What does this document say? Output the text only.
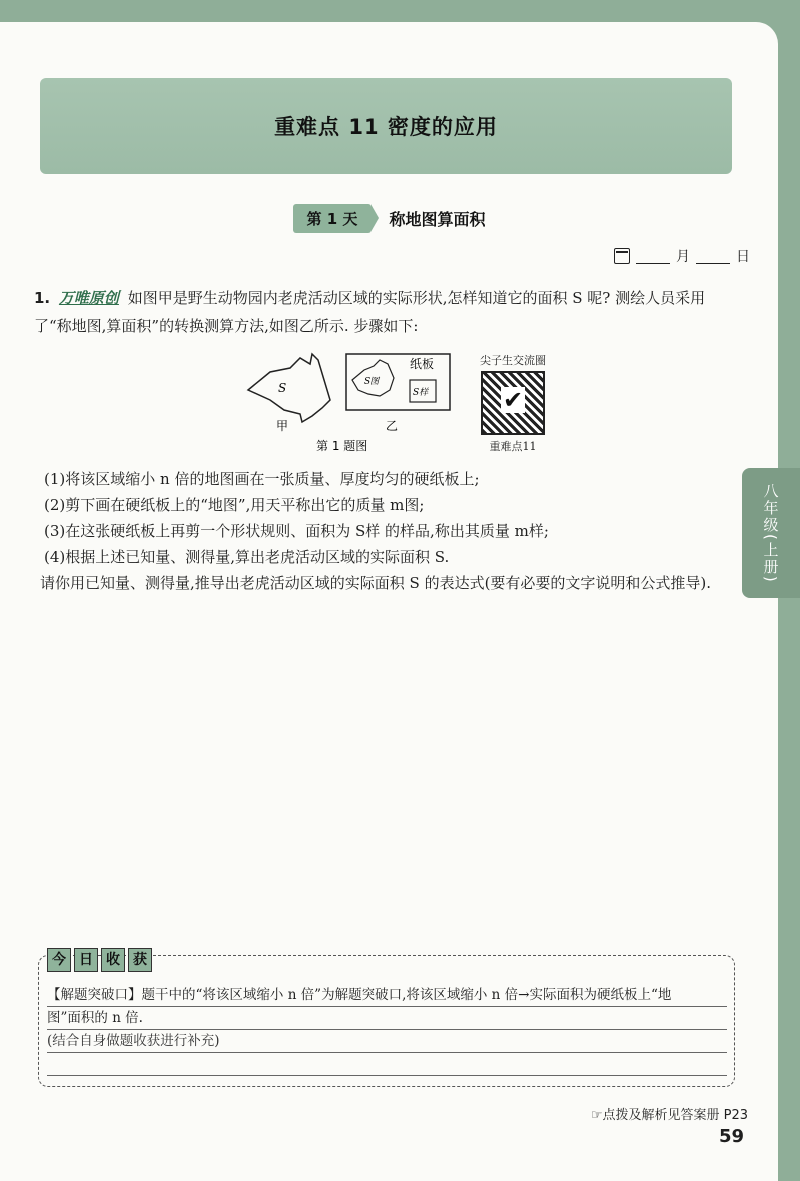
八年级(上册)
重难点 11 密度的应用
第 1 天	称地图算面积
月	日
1. 万唯原创 如图甲是野生动物园内老虎活动区域的实际形状,怎样知道它的面积 S 呢? 测绘人员采用了“称地图,算面积”的转换测算方法,如图乙所示. 步骤如下:
S
甲
纸板
S图
S样
乙
第 1 题图
尖子生交流圈
✔
重难点11

(1)将该区域缩小 n 倍的地图画在一张质量、厚度均匀的硬纸板上;

(2)剪下画在硬纸板上的“地图”,用天平称出它的质量 m图;

(3)在这张硬纸板上再剪一个形状规则、面积为 S样 的样品,称出其质量 m样;

(4)根据上述已知量、测得量,算出老虎活动区域的实际面积 S.

请你用已知量、测得量,推导出老虎活动区域的实际面积 S 的表达式(要有必要的文字说明和公式推导).

今 日 收 获

【解题突破口】题干中的“将该区域缩小 n 倍”为解题突破口,将该区域缩小 n 倍→实际面积为硬纸板上“地

图”面积的 n 倍.

(结合自身做题收获进行补充)

☞点拨及解析见答案册 P23
59
